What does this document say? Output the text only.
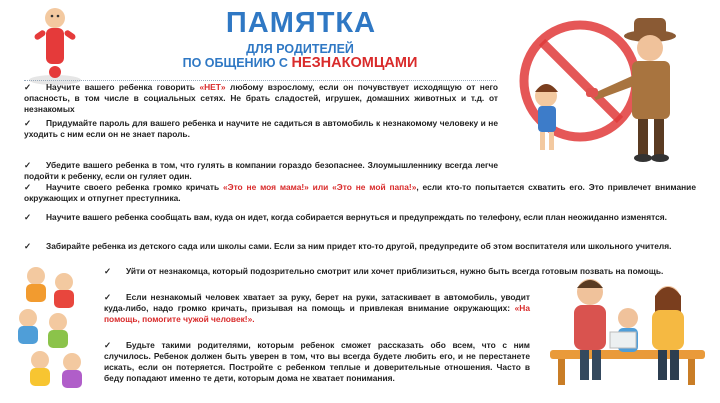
ПАМЯТКА
ДЛЯ РОДИТЕЛЕЙ
ПО ОБЩЕНИЮ С НЕЗНАКОМЦАМИ
✓ Научите вашего ребенка говорить «НЕТ» любому взрослому, если он почувствует исходящую от него опасность, в том числе в социальных сетях. Не брать сладостей, игрушек, домашних животных и т.д. от незнакомых
✓ Придумайте пароль для вашего ребенка и научите не садиться в автомобиль к незнакомому человеку и не уходить с ним если он не знает пароль.
✓ Убедите вашего ребенка в том, что гулять в компании гораздо безопаснее. Злоумышленнику всегда легче подойти к ребенку, если он гуляет один.
✓ Научите своего ребенка громко кричать «Это не моя мама!» или «Это не мой папа!», если кто-то попытается схватить его. Это привлечет внимание окружающих и отпугнет преступника.
✓ Научите вашего ребенка сообщать вам, куда он идет, когда собирается вернуться и предупреждать по телефону, если план неожиданно изменятся.
✓ Забирайте ребенка из детского сада или школы сами. Если за ним придет кто-то другой, предупредите об этом воспитателя или школьного учителя.
✓ Уйти от незнакомца, который подозрительно смотрит или хочет приблизиться, нужно быть всегда готовым позвать на помощь.
✓ Если незнакомый человек хватает за руку, берет на руки, затаскивает в автомобиль, уводит куда-либо, надо громко кричать, призывая на помощь и привлекая внимание окружающих: «На помощь, помогите чужой человек!».
✓ Будьте такими родителями, которым ребенок сможет рассказать обо всем, что с ним случилось. Ребенок должен быть уверен в том, что вы всегда будете любить его, и не перестанете искать, если он потеряется. Постройте с ребенком теплые и доверительные отношения. Часто в беду попадают именно те дети, которым дома не хватает понимания.
